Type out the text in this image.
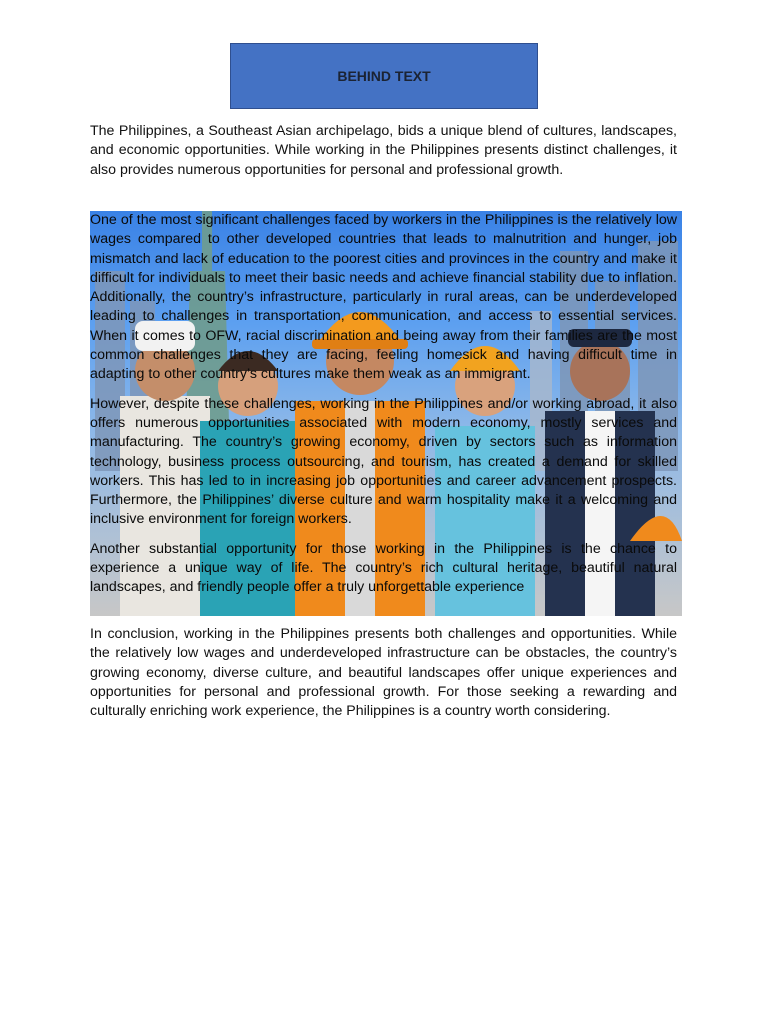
BEHIND TEXT

The Philippines, a Southeast Asian archipelago, bids a unique blend of cultures, landscapes, and economic opportunities. While working in the Philippines presents distinct challenges, it also provides numerous opportunities for personal and professional growth.

One of the most significant challenges faced by workers in the Philippines is the relatively low wages compared to other developed countries that leads to malnutrition and hunger, job mismatch and lack of education to the poorest cities and provinces in the country and make it difficult for individuals to meet their basic needs and achieve financial stability due to inflation. Additionally, the country’s infrastructure, particularly in rural areas, can be underdeveloped leading to challenges in transportation, communication, and access to essential services. When it comes to OFW, racial discrimination and being away from their families are the most common challenges that they are facing, feeling homesick and having difficult time in adapting to other country’s cultures make them weak as an immigrant.

However, despite these challenges, working in the Philippines and/or working abroad, it also offers numerous opportunities associated with modern economy, mostly services and manufacturing. The country’s growing economy, driven by sectors such as information technology, business process outsourcing, and tourism, has created a demand for skilled workers. This has led to in increasing job opportunities and career advancement prospects. Furthermore, the Philippines’ diverse culture and warm hospitality make it a welcoming and inclusive environment for foreign workers.

Another substantial opportunity for those working in the Philippines is the chance to experience a unique way of life. The country’s rich cultural heritage, beautiful natural landscapes, and friendly people offer a truly unforgettable experience

In conclusion, working in the Philippines presents both challenges and opportunities. While the relatively low wages and underdeveloped infrastructure can be obstacles, the country’s growing economy, diverse culture, and beautiful landscapes offer unique experiences and opportunities for personal and professional growth. For those seeking a rewarding and culturally enriching work experience, the Philippines is a country worth considering.
